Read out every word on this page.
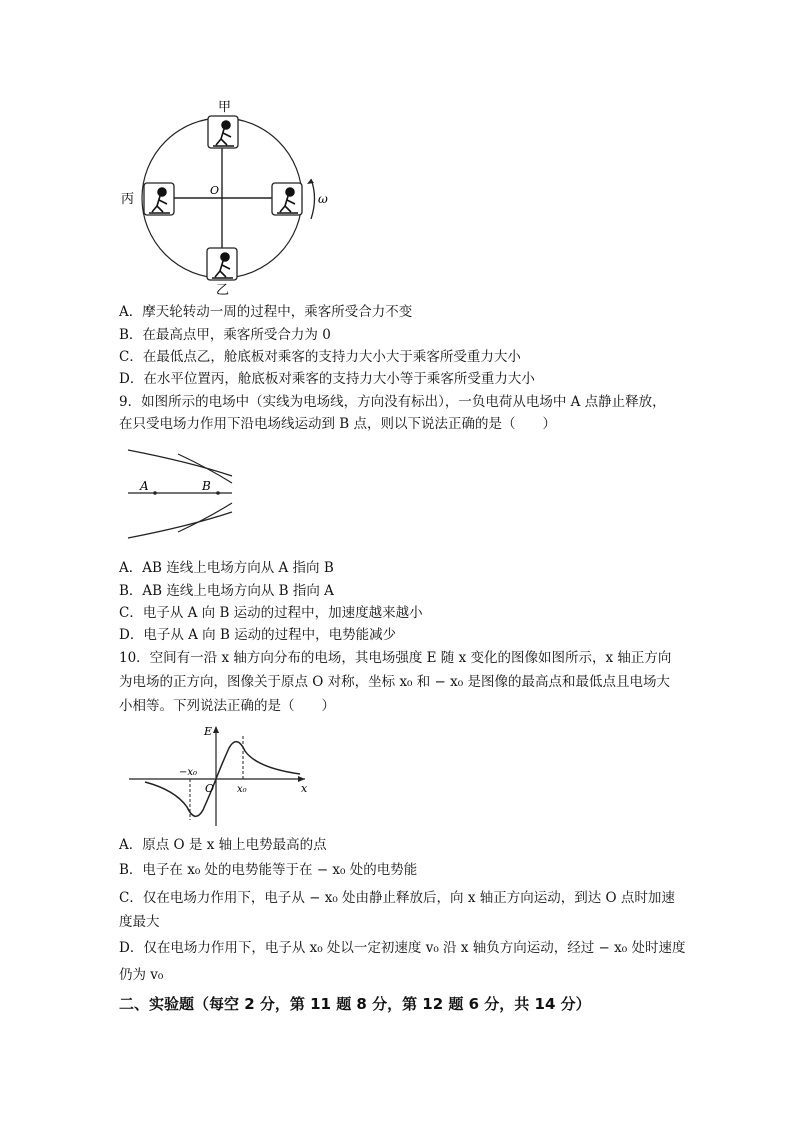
甲
丙
乙
O
ω
A．摩天轮转动一周的过程中，乘客所受合力不变
B．在最高点甲，乘客所受合力为 0
C．在最低点乙，舱底板对乘客的支持力大小大于乘客所受重力大小
D．在水平位置丙，舱底板对乘客的支持力大小等于乘客所受重力大小
9．如图所示的电场中（实线为电场线，方向没有标出），一负电荷从电场中 A 点静止释放，
在只受电场力作用下沿电场线运动到 B 点，则以下说法正确的是（　　）
A	B
A．AB 连线上电场方向从 A 指向 B
B．AB 连线上电场方向从 B 指向 A
C．电子从 A 向 B 运动的过程中，加速度越来越小
D．电子从 A 向 B 运动的过程中，电势能减少
10．空间有一沿 x 轴方向分布的电场，其电场强度 E 随 x 变化的图像如图所示，x 轴正方向
为电场的正方向，图像关于原点 O 对称，坐标 x₀ 和 − x₀ 是图像的最高点和最低点且电场大
小相等。下列说法正确的是（　　）
E
x
O
−x₀
x₀
A．原点 O 是 x 轴上电势最高的点
B．电子在 x₀ 处的电势能等于在 − x₀ 处的电势能
C．仅在电场力作用下，电子从 − x₀ 处由静止释放后，向 x 轴正方向运动，到达 O 点时加速
度最大
D．仅在电场力作用下，电子从 x₀ 处以一定初速度 v₀ 沿 x 轴负方向运动，经过 − x₀ 处时速度
仍为 v₀
二、实验题（每空 2 分，第 11 题 8 分，第 12 题 6 分，共 14 分）
